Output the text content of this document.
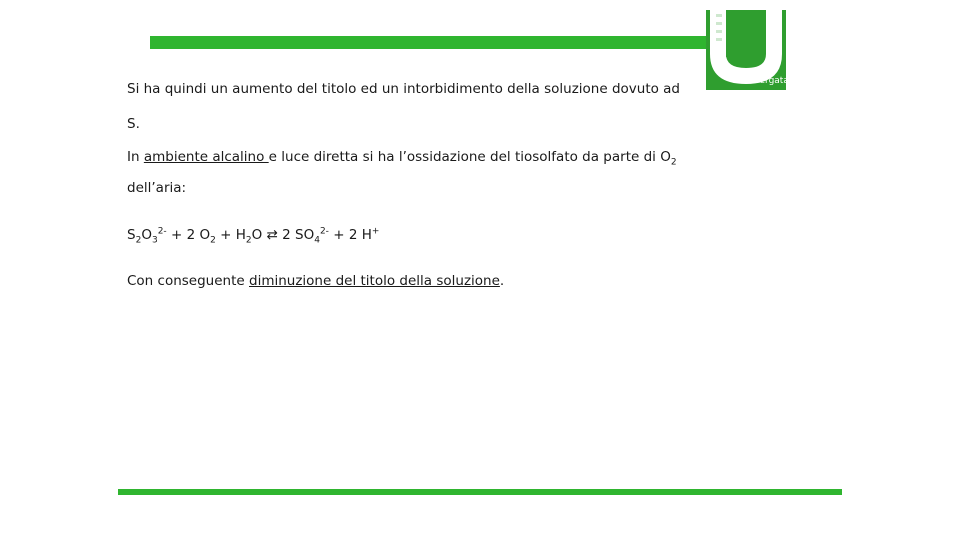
Tor Vergata
Si ha quindi un aumento del titolo ed un intorbidimento della soluzione dovuto ad
S.
In ambiente alcalino e luce diretta si ha l’ossidazione del tiosolfato da parte di $O_2$
dell’aria:
$S_2O_3^{2-} + 2$ $O_2 + H_2O$ ⇄ 2 $SO_4^{2-} + 2$ H+
Con conseguente diminuzione del titolo della soluzione.
